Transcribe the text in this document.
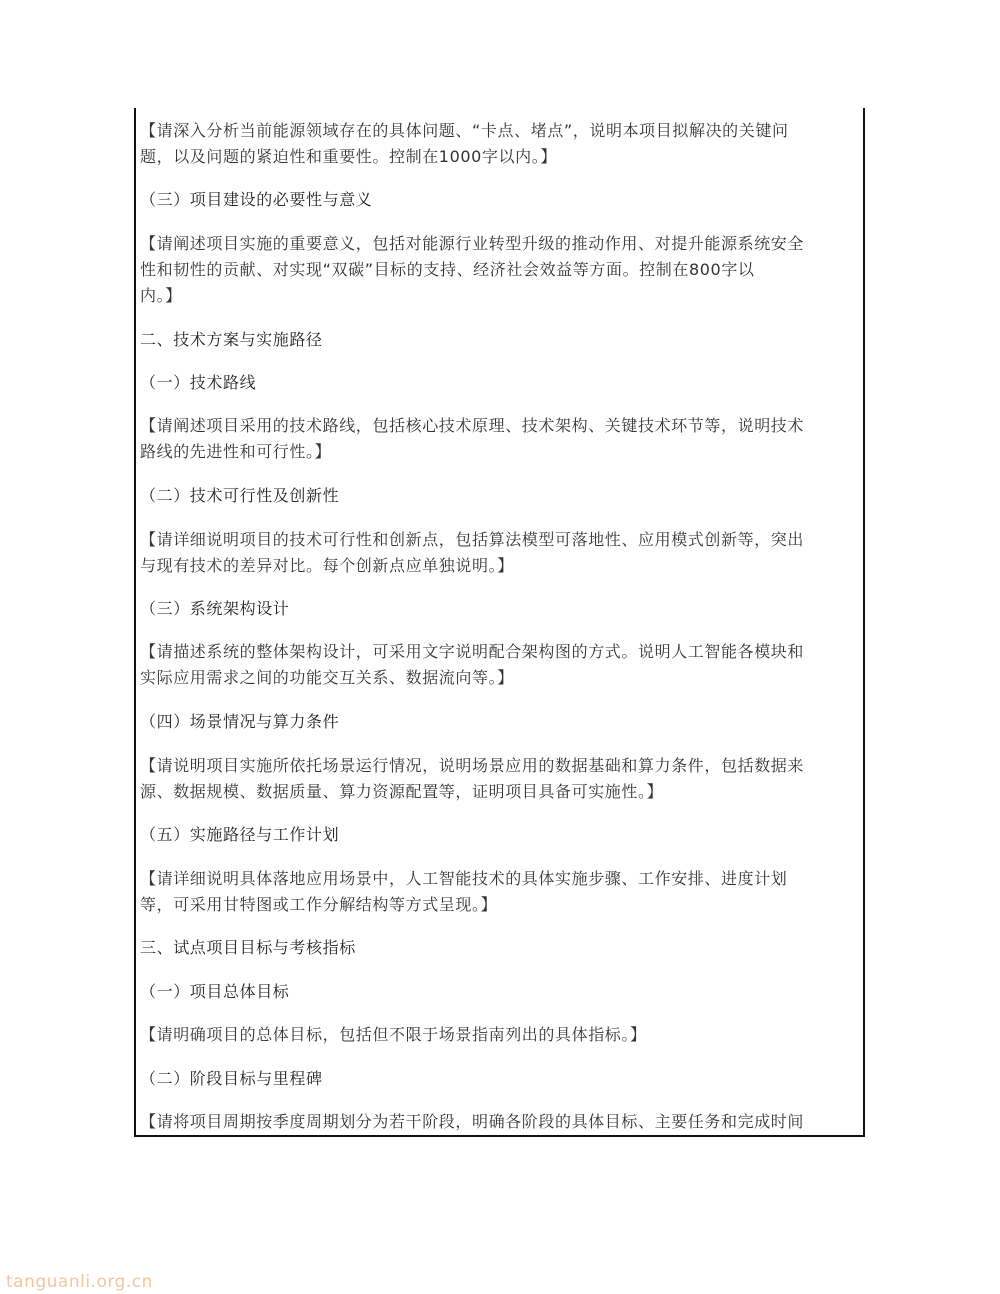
【请深入分析当前能源领域存在的具体问题、“卡点、堵点”，说明本项目拟解决的关键问
题，以及问题的紧迫性和重要性。控制在1000字以内。】
（三）项目建设的必要性与意义
【请阐述项目实施的重要意义，包括对能源行业转型升级的推动作用、对提升能源系统安全
性和韧性的贡献、对实现“双碳”目标的支持、经济社会效益等方面。控制在800字以
内。】
二、技术方案与实施路径
（一）技术路线
【请阐述项目采用的技术路线，包括核心技术原理、技术架构、关键技术环节等，说明技术
路线的先进性和可行性。】
（二）技术可行性及创新性
【请详细说明项目的技术可行性和创新点，包括算法模型可落地性、应用模式创新等，突出
与现有技术的差异对比。每个创新点应单独说明。】
（三）系统架构设计
【请描述系统的整体架构设计，可采用文字说明配合架构图的方式。说明人工智能各模块和
实际应用需求之间的功能交互关系、数据流向等。】
（四）场景情况与算力条件
【请说明项目实施所依托场景运行情况，说明场景应用的数据基础和算力条件，包括数据来
源、数据规模、数据质量、算力资源配置等，证明项目具备可实施性。】
（五）实施路径与工作计划
【请详细说明具体落地应用场景中，人工智能技术的具体实施步骤、工作安排、进度计划
等，可采用甘特图或工作分解结构等方式呈现。】
三、试点项目目标与考核指标
（一）项目总体目标
【请明确项目的总体目标，包括但不限于场景指南列出的具体指标。】
（二）阶段目标与里程碑
【请将项目周期按季度周期划分为若干阶段，明确各阶段的具体目标、主要任务和完成时间
tanguanli.org.cn
